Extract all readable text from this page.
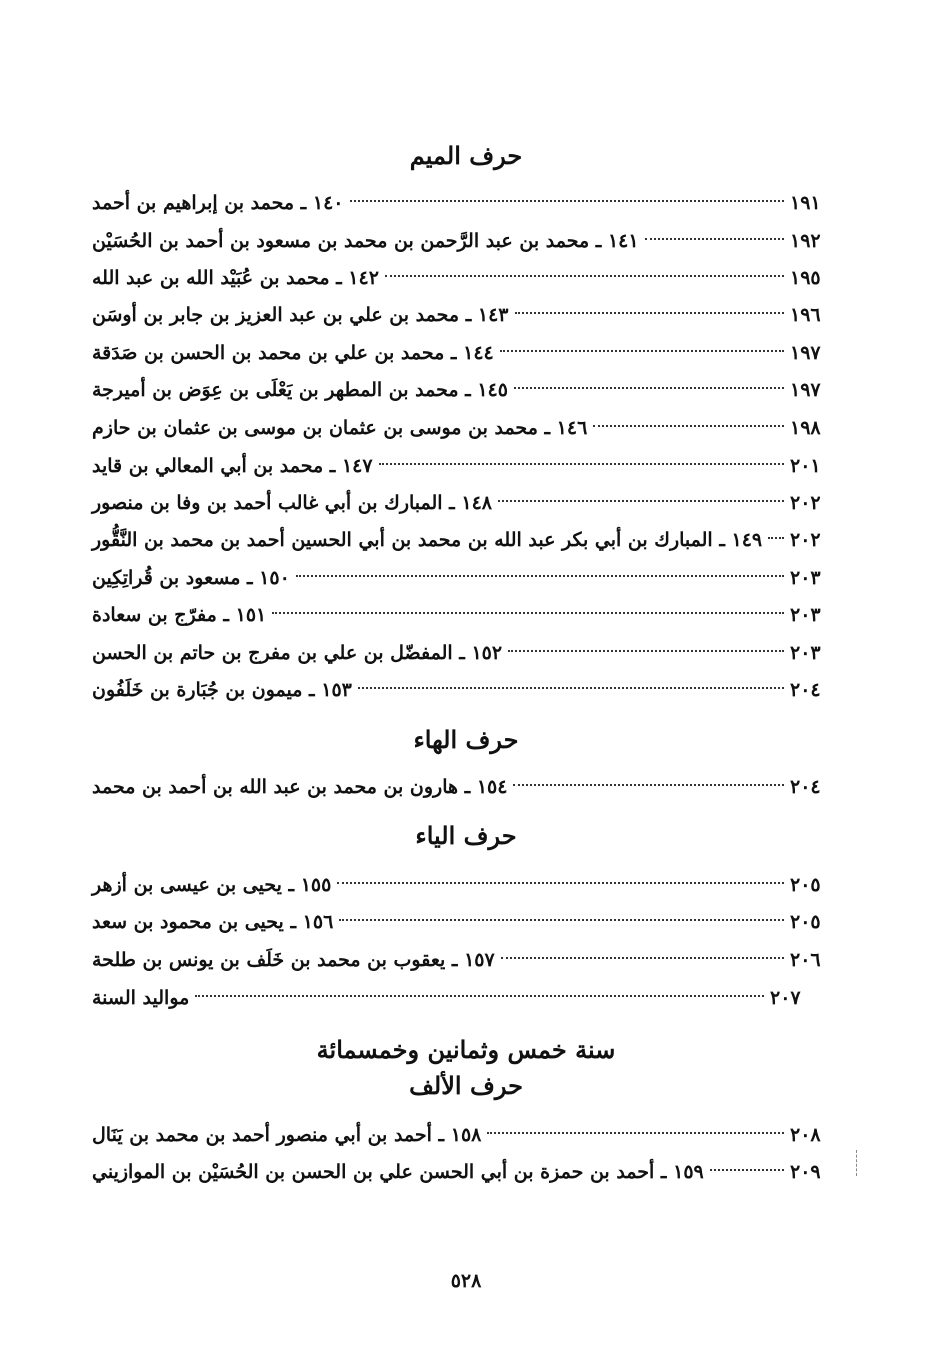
حرف الميم
١٤٠ ـ محمد بن إبراهيم بن أحمد	١٩١
١٤١ ـ محمد بن عبد الرَّحمن بن محمد بن مسعود بن أحمد بن الحُسَيْن	١٩٢
١٤٢ ـ محمد بن عُبَيْد الله بن عبد الله	١٩٥
١٤٣ ـ محمد بن علي بن عبد العزيز بن جابر بن أوسَن	١٩٦
١٤٤ ـ محمد بن علي بن محمد بن الحسن بن صَدَقة	١٩٧
١٤٥ ـ محمد بن المطهر بن يَعْلَى بن عِوَض بن أميرجة	١٩٧
١٤٦ ـ محمد بن موسى بن عثمان بن موسى بن عثمان بن حازم	١٩٨
١٤٧ ـ محمد بن أبي المعالي بن قايد	٢٠١
١٤٨ ـ المبارك بن أبي غالب أحمد بن وفا بن منصور	٢٠٢
١٤٩ ـ المبارك بن أبي بكر عبد الله بن محمد بن أبي الحسين أحمد بن محمد بن النَّقُّور ٢٠٢
١٥٠ ـ مسعود بن قُراتِكِين	٢٠٣
١٥١ ـ مفرّج بن سعادة	٢٠٣
١٥٢ ـ المفضّل بن علي بن مفرج بن حاتم بن الحسن	٢٠٣
١٥٣ ـ ميمون بن جُبَارة بن خَلَفُون	٢٠٤
حرف الهاء
١٥٤ ـ هارون بن محمد بن عبد الله بن أحمد بن محمد	٢٠٤
حرف الياء
١٥٥ ـ يحيى بن عيسى بن أزهر	٢٠٥
١٥٦ ـ يحيى بن محمود بن سعد	٢٠٥
١٥٧ ـ يعقوب بن محمد بن خَلَف بن يونس بن طلحة	٢٠٦
مواليد السنة	٢٠٧
سنة خمس وثمانين وخمسمائة
حرف الألف
١٥٨ ـ أحمد بن أبي منصور أحمد بن محمد بن يَنَال	٢٠٨
١٥٩ ـ أحمد بن حمزة بن أبي الحسن علي بن الحسن بن الحُسَيْن بن الموازيني	٢٠٩
٥٢٨
